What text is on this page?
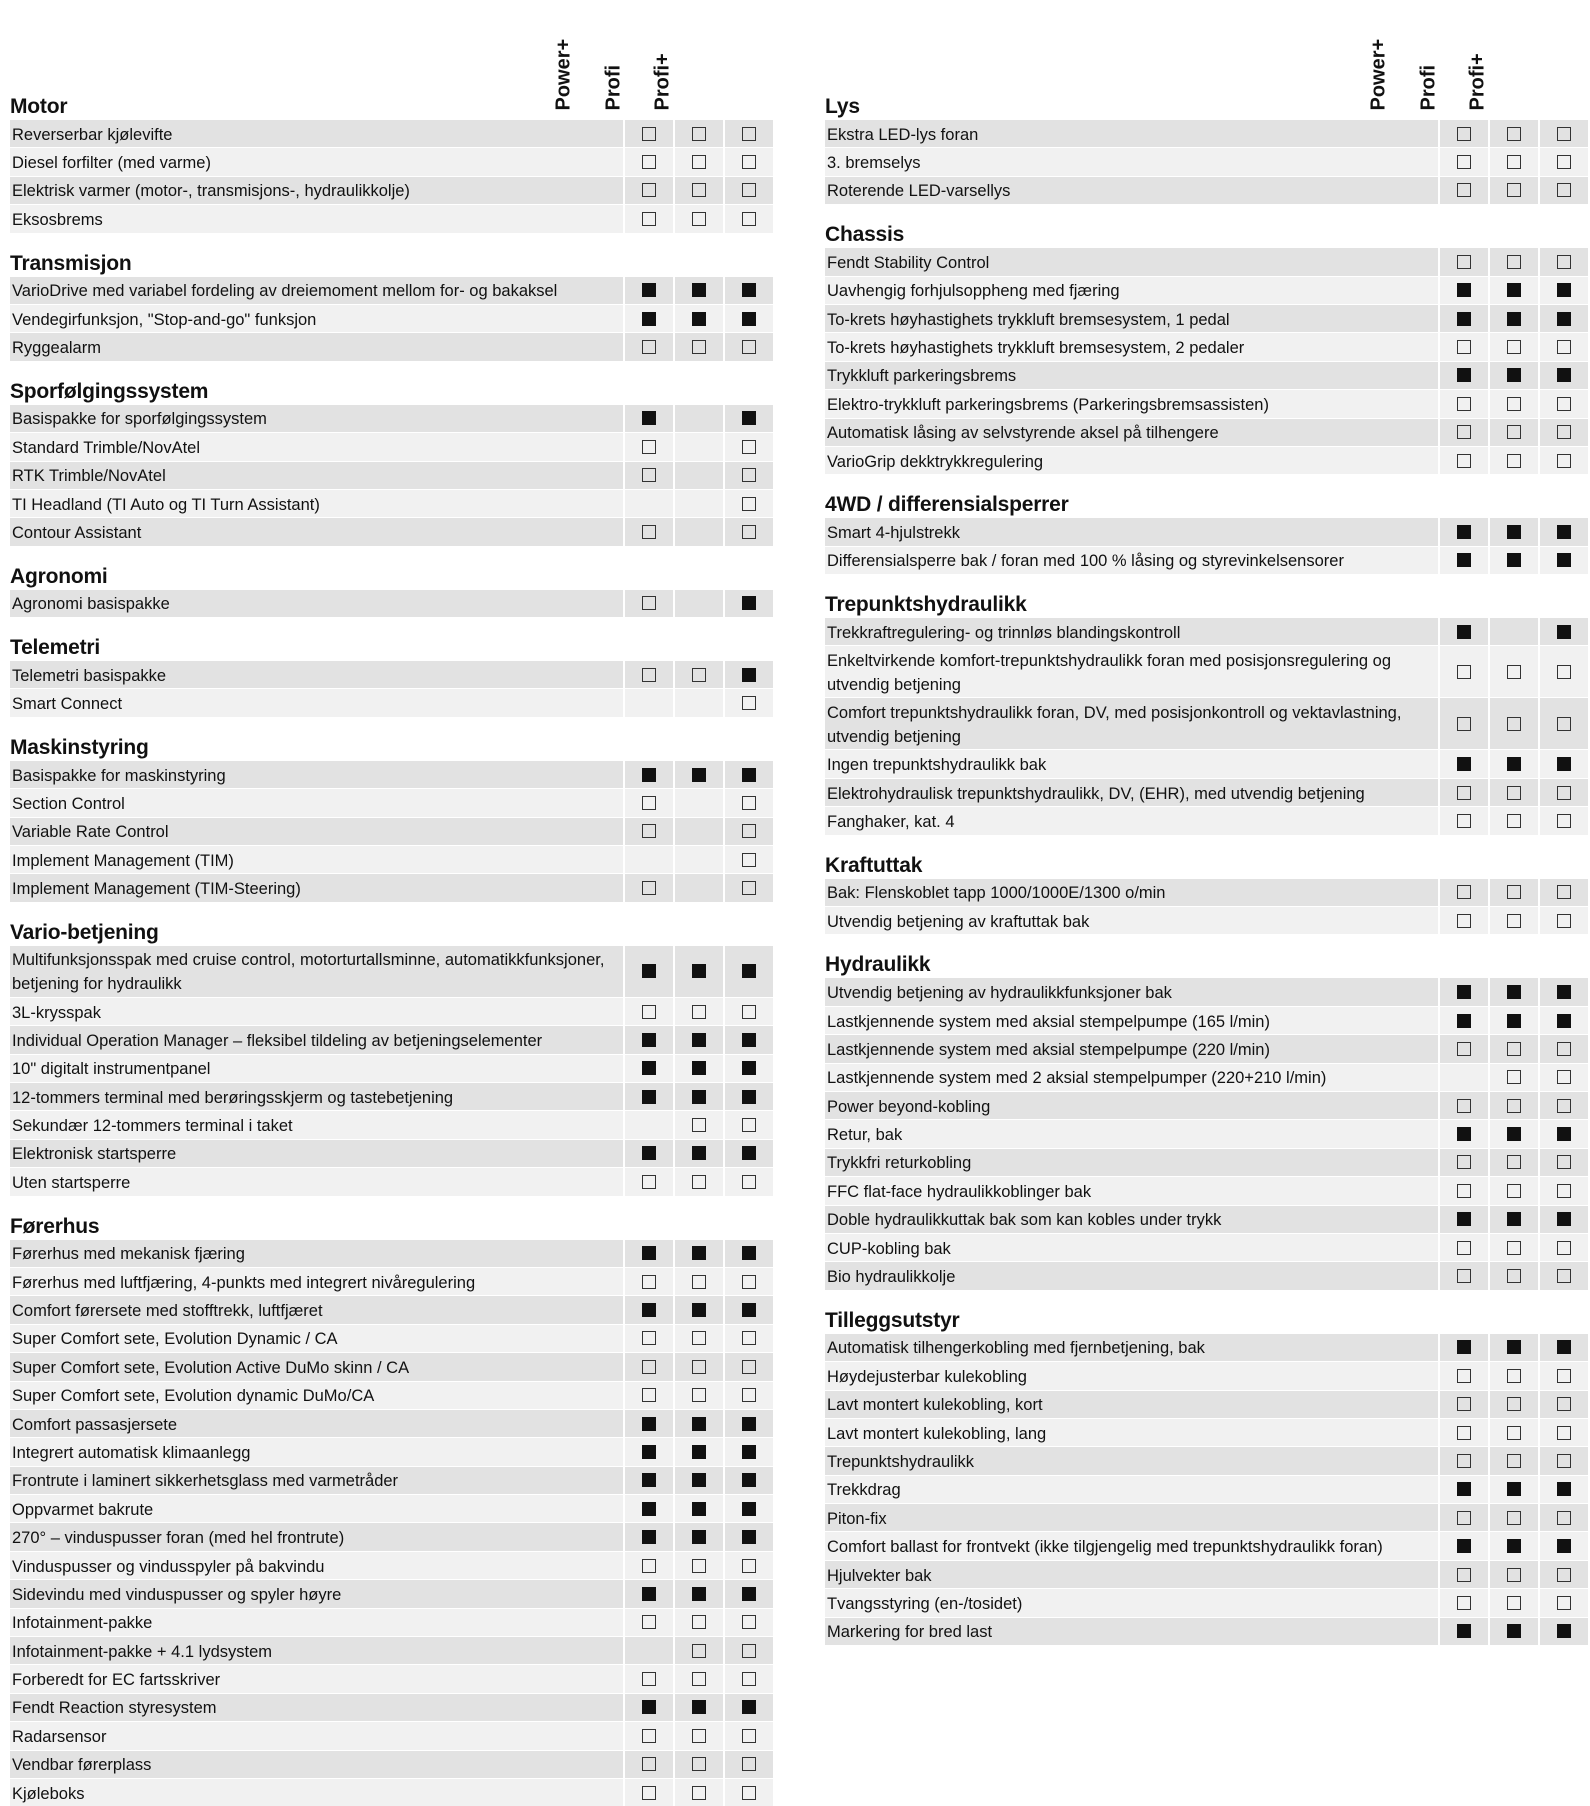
Power+ Profi Profi+
Motor
Reverserbar kjølevifte
Diesel forfilter (med varme)
Elektrisk varmer (motor-, transmisjons-, hydraulikkolje)
Eksosbrems
Transmisjon
VarioDrive med variabel fordeling av dreiemoment mellom for- og bakaksel
Vendegirfunksjon, "Stop-and-go" funksjon
Ryggealarm
Sporfølgingssystem
Basispakke for sporfølgingssystem
Standard Trimble/NovAtel
RTK Trimble/NovAtel
TI Headland (TI Auto og TI Turn Assistant)
Contour Assistant
Agronomi
Agronomi basispakke
Telemetri
Telemetri basispakke
Smart Connect
Maskinstyring
Basispakke for maskinstyring
Section Control
Variable Rate Control
Implement Management (TIM)
Implement Management (TIM-Steering)
Vario-betjening
Multifunksjonsspak med cruise control, motorturtallsminne, automatikkfunksjoner, betjening for hydraulikk
3L-krysspak
Individual Operation Manager – fleksibel tildeling av betjeningselementer
10" digitalt instrumentpanel
12-tommers terminal med berøringsskjerm og tastebetjening
Sekundær 12-tommers terminal i taket
Elektronisk startsperre
Uten startsperre
Førerhus
Førerhus med mekanisk fjæring
Førerhus med luftfjæring, 4-punkts med integrert nivåregulering
Comfort førersete med stofftrekk, luftfjæret
Super Comfort sete, Evolution Dynamic / CA
Super Comfort sete, Evolution Active DuMo skinn / CA
Super Comfort sete, Evolution dynamic DuMo/CA
Comfort passasjersete
Integrert automatisk klimaanlegg
Frontrute i laminert sikkerhetsglass med varmetråder
Oppvarmet bakrute
270° – vinduspusser foran (med hel frontrute)
Vinduspusser og vindusspyler på bakvindu
Sidevindu med vinduspusser og spyler høyre
Infotainment-pakke
Infotainment-pakke + 4.1 lydsystem
Forberedt for EC fartsskriver
Fendt Reaction styresystem
Radarsensor
Vendbar førerplass
Kjøleboks
Power+ Profi Profi+
Lys
Ekstra LED-lys foran
3. bremselys
Roterende LED-varsellys
Chassis
Fendt Stability Control
Uavhengig forhjulsoppheng med fjæring
To-krets høyhastighets trykkluft bremsesystem, 1 pedal
To-krets høyhastighets trykkluft bremsesystem, 2 pedaler
Trykkluft parkeringsbrems
Elektro-trykkluft parkeringsbrems (Parkeringsbremsassisten)
Automatisk låsing av selvstyrende aksel på tilhengere
VarioGrip dekktrykkregulering
4WD / differensialsperrer
Smart 4-hjulstrekk
Differensialsperre bak / foran med 100 % låsing og styrevinkelsensorer
Trepunktshydraulikk
Trekkraftregulering- og trinnløs blandingskontroll
Enkeltvirkende komfort-trepunktshydraulikk foran med posisjonsregulering og utvendig betjening
Comfort trepunktshydraulikk foran, DV, med posisjonkontroll og vektavlastning, utvendig betjening
Ingen trepunktshydraulikk bak
Elektrohydraulisk trepunktshydraulikk, DV, (EHR), med utvendig betjening
Fanghaker, kat. 4
Kraftuttak
Bak: Flenskoblet tapp 1000/1000E/1300 o/min
Utvendig betjening av kraftuttak bak
Hydraulikk
Utvendig betjening av hydraulikkfunksjoner bak
Lastkjennende system med aksial stempelpumpe (165 l/min)
Lastkjennende system med aksial stempelpumpe (220 l/min)
Lastkjennende system med 2 aksial stempelpumper (220+210 l/min)
Power beyond-kobling
Retur, bak
Trykkfri returkobling
FFC flat-face hydraulikkoblinger bak
Doble hydraulikkuttak bak som kan kobles under trykk
CUP-kobling bak
Bio hydraulikkolje
Tilleggsutstyr
Automatisk tilhengerkobling med fjernbetjening, bak
Høydejusterbar kulekobling
Lavt montert kulekobling, kort
Lavt montert kulekobling, lang
Trepunktshydraulikk
Trekkdrag
Piton-fix
Comfort ballast for frontvekt (ikke tilgjengelig med trepunktshydraulikk foran)
Hjulvekter bak
Tvangsstyring (en-/tosidet)
Markering for bred last
